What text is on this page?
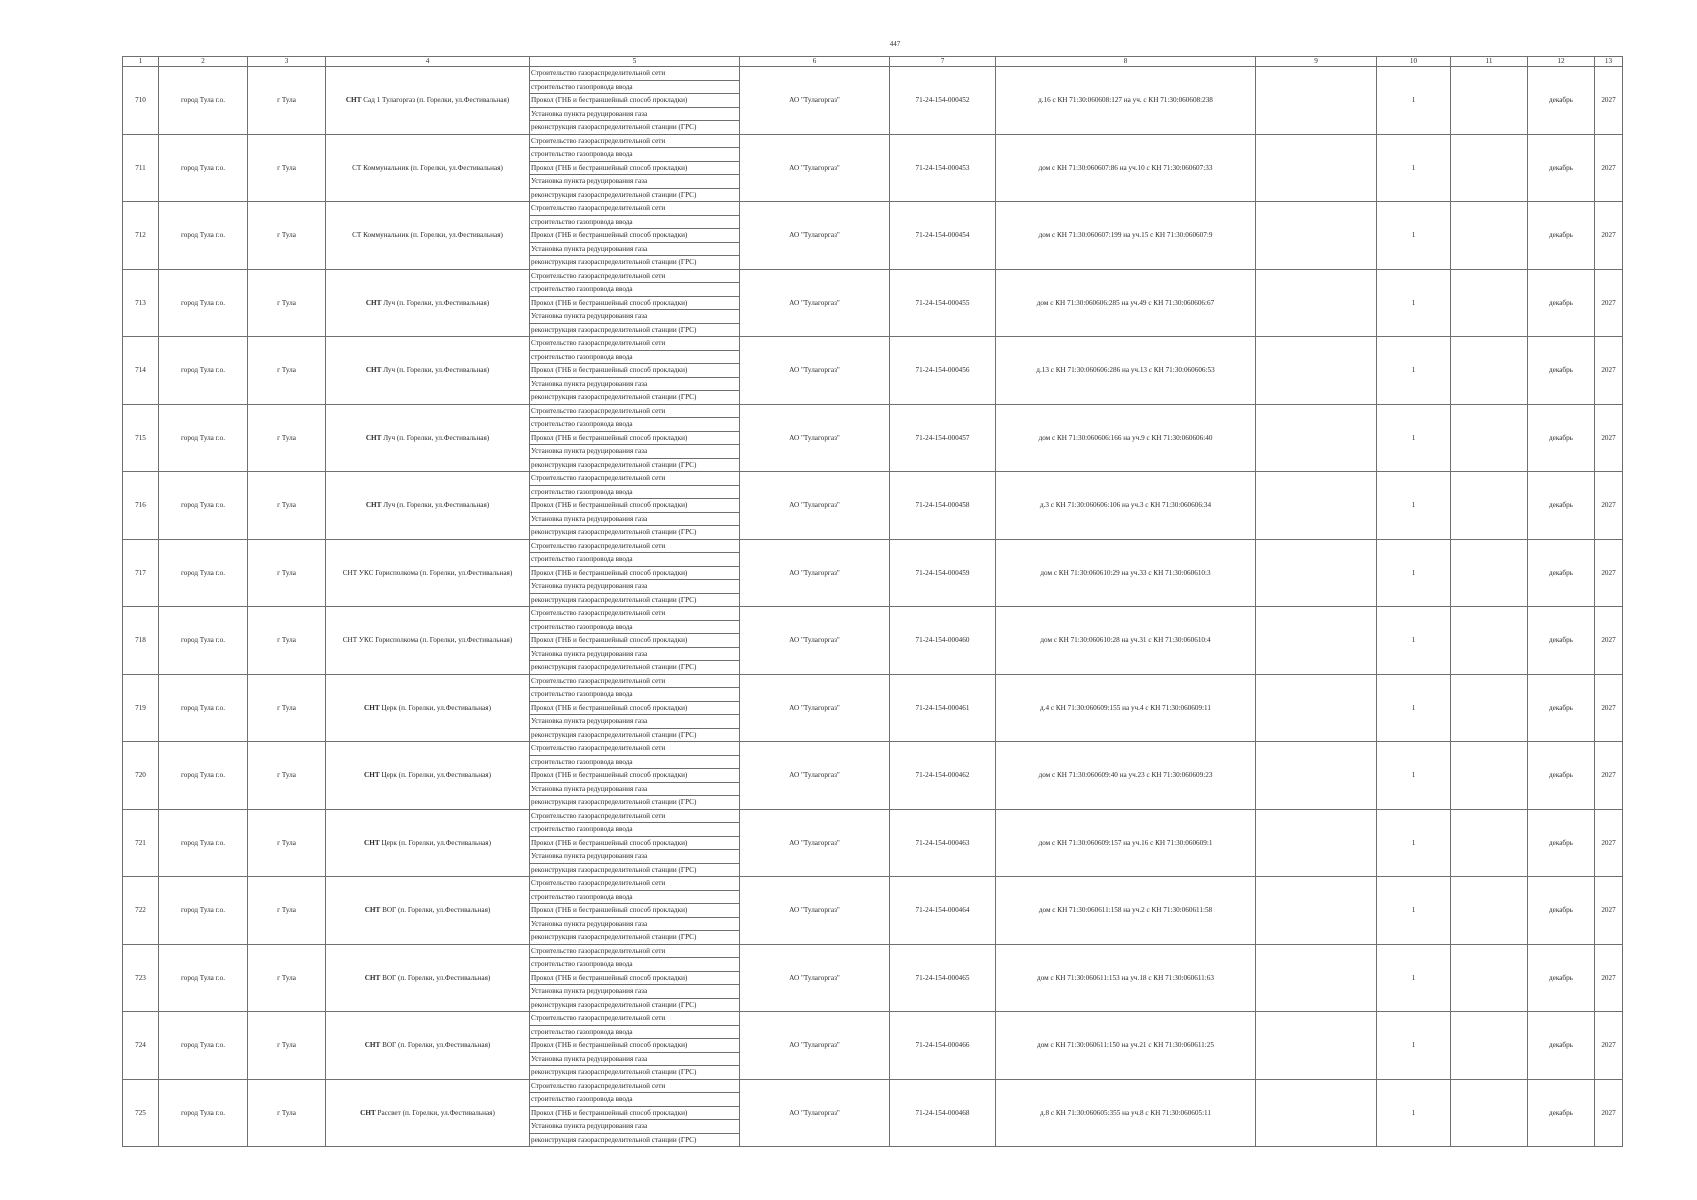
447
1	2	3	4	5	6	7	8	9	10	11	12	13
710	город Тула г.о.	г Тула	СНТ Сад 1 Тулагоргаз (п. Горелки, ул.Фестивальная)	Строительство газораспределительной сети	АО "Тулагоргаз"	71-24-154-000452	д.16 с КН 71:30:060608:127 на уч. с КН 71:30:060608:238		1		декабрь	2027
				строительство газопровода ввода								
				Прокол (ГНБ и бестраншейный способ прокладки)								
				Установка пункта редуцирования газа								
				реконструкция газораспределительной станции (ГРС)								
711	город Тула г.о.	г Тула	СТ Коммунальник (п. Горелки, ул.Фестивальная)	Строительство газораспределительной сети	АО "Тулагоргаз"	71-24-154-000453	дом с КН 71:30:060607:86 на уч.10 с КН 71:30:060607:33		1		декабрь	2027
				строительство газопровода ввода								
				Прокол (ГНБ и бестраншейный способ прокладки)								
				Установка пункта редуцирования газа								
				реконструкция газораспределительной станции (ГРС)								
712	город Тула г.о.	г Тула	СТ Коммунальник (п. Горелки, ул.Фестивальная)	Строительство газораспределительной сети	АО "Тулагоргаз"	71-24-154-000454	дом с КН 71:30:060607:199 на уч.15 с КН 71:30:060607:9		1		декабрь	2027
				строительство газопровода ввода								
				Прокол (ГНБ и бестраншейный способ прокладки)								
				Установка пункта редуцирования газа								
				реконструкция газораспределительной станции (ГРС)								
713	город Тула г.о.	г Тула	СНТ Луч (п. Горелки, ул.Фестивальная)	Строительство газораспределительной сети	АО "Тулагоргаз"	71-24-154-000455	дом с КН 71:30:060606:285 на уч.49 с КН 71:30:060606:67		1		декабрь	2027
				строительство газопровода ввода								
				Прокол (ГНБ и бестраншейный способ прокладки)								
				Установка пункта редуцирования газа								
				реконструкция газораспределительной станции (ГРС)								
714	город Тула г.о.	г Тула	СНТ Луч (п. Горелки, ул.Фестивальная)	Строительство газораспределительной сети	АО "Тулагоргаз"	71-24-154-000456	д.13 с КН 71:30:060606:286 на уч.13 с КН 71:30:060606:53		1		декабрь	2027
				строительство газопровода ввода								
				Прокол (ГНБ и бестраншейный способ прокладки)								
				Установка пункта редуцирования газа								
				реконструкция газораспределительной станции (ГРС)								
715	город Тула г.о.	г Тула	СНТ Луч (п. Горелки, ул.Фестивальная)	Строительство газораспределительной сети	АО "Тулагоргаз"	71-24-154-000457	дом с КН 71:30:060606:166 на уч.9 с КН 71:30:060606:40		1		декабрь	2027
				строительство газопровода ввода								
				Прокол (ГНБ и бестраншейный способ прокладки)								
				Установка пункта редуцирования газа								
				реконструкция газораспределительной станции (ГРС)								
716	город Тула г.о.	г Тула	СНТ Луч (п. Горелки, ул.Фестивальная)	Строительство газораспределительной сети	АО "Тулагоргаз"	71-24-154-000458	д.3 с КН 71:30:060606:106 на уч.3 с КН 71:30:060606:34		1		декабрь	2027
				строительство газопровода ввода								
				Прокол (ГНБ и бестраншейный способ прокладки)								
				Установка пункта редуцирования газа								
				реконструкция газораспределительной станции (ГРС)								
717	город Тула г.о.	г Тула	СНТ УКС Горисполкома (п. Горелки, ул.Фестивальная)	Строительство газораспределительной сети	АО "Тулагоргаз"	71-24-154-000459	дом с КН 71:30:060610:29 на уч.33 с КН 71:30:060610:3		1		декабрь	2027
				строительство газопровода ввода								
				Прокол (ГНБ и бестраншейный способ прокладки)								
				Установка пункта редуцирования газа								
				реконструкция газораспределительной станции (ГРС)								
718	город Тула г.о.	г Тула	СНТ УКС Горисполкома (п. Горелки, ул.Фестивальная)	Строительство газораспределительной сети	АО "Тулагоргаз"	71-24-154-000460	дом с КН 71:30:060610:28 на уч.31 с КН 71:30:060610:4		1		декабрь	2027
				строительство газопровода ввода								
				Прокол (ГНБ и бестраншейный способ прокладки)								
				Установка пункта редуцирования газа								
				реконструкция газораспределительной станции (ГРС)								
719	город Тула г.о.	г Тула	СНТ Церк (п. Горелки, ул.Фестивальная)	Строительство газораспределительной сети	АО "Тулагоргаз"	71-24-154-000461	д.4 с КН 71:30:060609:155 на уч.4 с КН 71:30:060609:11		1		декабрь	2027
				строительство газопровода ввода								
				Прокол (ГНБ и бестраншейный способ прокладки)								
				Установка пункта редуцирования газа								
				реконструкция газораспределительной станции (ГРС)								
720	город Тула г.о.	г Тула	СНТ Церк (п. Горелки, ул.Фестивальная)	Строительство газораспределительной сети	АО "Тулагоргаз"	71-24-154-000462	дом с КН 71:30:060609:40 на уч.23 с КН 71:30:060609:23		1		декабрь	2027
				строительство газопровода ввода								
				Прокол (ГНБ и бестраншейный способ прокладки)								
				Установка пункта редуцирования газа								
				реконструкция газораспределительной станции (ГРС)								
721	город Тула г.о.	г Тула	СНТ Церк (п. Горелки, ул.Фестивальная)	Строительство газораспределительной сети	АО "Тулагоргаз"	71-24-154-000463	дом с КН 71:30:060609:157 на уч.16 с КН 71:30:060609:1		1		декабрь	2027
				строительство газопровода ввода								
				Прокол (ГНБ и бестраншейный способ прокладки)								
				Установка пункта редуцирования газа								
				реконструкция газораспределительной станции (ГРС)								
722	город Тула г.о.	г Тула	СНТ ВОГ (п. Горелки, ул.Фестивальная)	Строительство газораспределительной сети	АО "Тулагоргаз"	71-24-154-000464	дом с КН 71:30:060611:158 на уч.2 с КН 71:30:060611:58		1		декабрь	2027
				строительство газопровода ввода								
				Прокол (ГНБ и бестраншейный способ прокладки)								
				Установка пункта редуцирования газа								
				реконструкция газораспределительной станции (ГРС)								
723	город Тула г.о.	г Тула	СНТ ВОГ (п. Горелки, ул.Фестивальная)	Строительство газораспределительной сети	АО "Тулагоргаз"	71-24-154-000465	дом с КН 71:30:060611:153 на уч.18 с КН 71:30:060611:63		1		декабрь	2027
				строительство газопровода ввода								
				Прокол (ГНБ и бестраншейный способ прокладки)								
				Установка пункта редуцирования газа								
				реконструкция газораспределительной станции (ГРС)								
724	город Тула г.о.	г Тула	СНТ ВОГ (п. Горелки, ул.Фестивальная)	Строительство газораспределительной сети	АО "Тулагоргаз"	71-24-154-000466	дом с КН 71:30:060611:150 на уч.21 с КН 71:30:060611:25		1		декабрь	2027
				строительство газопровода ввода								
				Прокол (ГНБ и бестраншейный способ прокладки)								
				Установка пункта редуцирования газа								
				реконструкция газораспределительной станции (ГРС)								
725	город Тула г.о.	г Тула	СНТ Рассвет (п. Горелки, ул.Фестивальная)	Строительство газораспределительной сети	АО "Тулагоргаз"	71-24-154-000468	д.8 с КН 71:30:060605:355 на уч.8 с КН 71:30:060605:11		1		декабрь	2027
				строительство газопровода ввода								
				Прокол (ГНБ и бестраншейный способ прокладки)								
				Установка пункта редуцирования газа								
				реконструкция газораспределительной станции (ГРС)								
